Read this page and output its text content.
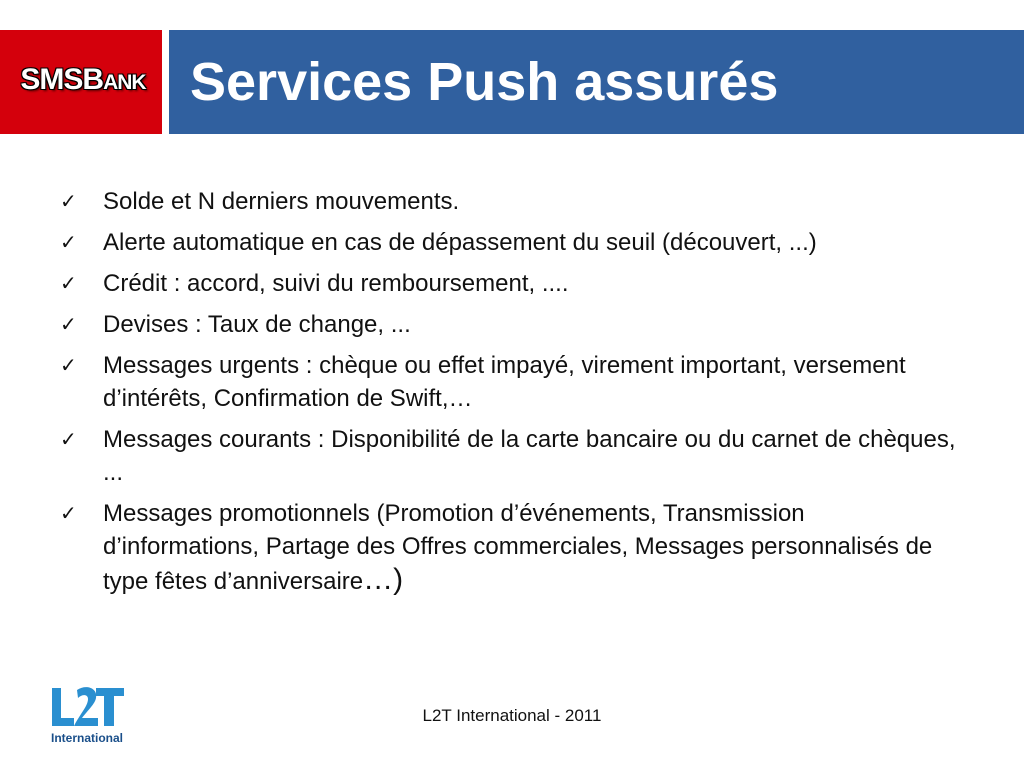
SMSBANK Services Push assurés
✓ Solde et N derniers mouvements.
✓ Alerte automatique en cas de dépassement du seuil (découvert, ...)
✓ Crédit : accord, suivi du remboursement, ....
✓ Devises : Taux de change, ...
✓ Messages urgents : chèque ou effet impayé, virement important, versement d’intérêts, Confirmation de Swift,…
✓ Messages courants : Disponibilité de la carte bancaire ou du carnet de chèques, ...
✓ Messages promotionnels (Promotion d’événements, Transmission d’informations, Partage des Offres commerciales, Messages personnalisés de type fêtes d’anniversaire…)
International
L2T International - 2011
